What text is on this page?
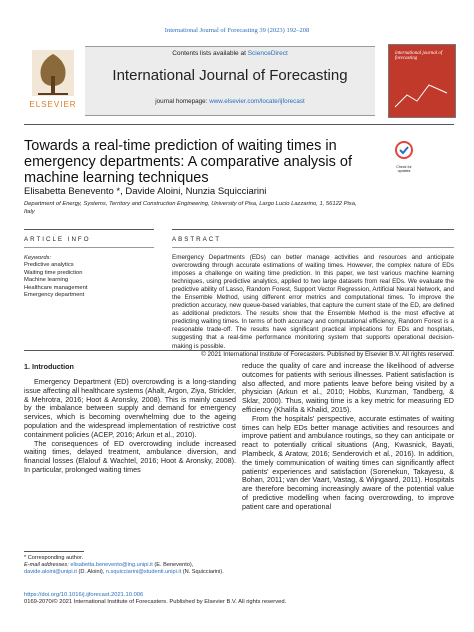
International Journal of Forecasting 39 (2023) 192–208
ELSEVIER
Contents lists available at ScienceDirect
International Journal of Forecasting
journal homepage: www.elsevier.com/locate/ijforecast
international journal of forecasting
Towards a real-time prediction of waiting times in emergency departments: A comparative analysis of machine learning techniques
Check for updates
Elisabetta Benevento *, Davide Aloini, Nunzia Squicciarini
Department of Energy, Systems, Territory and Construction Engineering, University of Pisa, Largo Lucio Lazzarino, 1, 56122 Pisa, Italy
ARTICLE INFO	ABSTRACT
Keywords:
Predictive analytics
Waiting time prediction
Machine learning
Healthcare management
Emergency department
Emergency Departments (EDs) can better manage activities and resources and anticipate overcrowding through accurate estimations of waiting times. However, the complex nature of EDs imposes a challenge on waiting time prediction. In this paper, we test various machine learning techniques, using predictive analytics, applied to two large datasets from real EDs. We evaluate the predictive ability of Lasso, Random Forest, Support Vector Regression, Artificial Neural Network, and the Ensemble Method, using different error metrics and computational times. To improve the prediction accuracy, new queue-based variables, that capture the current state of the ED, are defined as additional predictors. The results show that the Ensemble Method is the most effective at predicting waiting times. In terms of both accuracy and computational efficiency, Random Forest is a reasonable trade-off. The results have significant practical implications for EDs and hospitals, suggesting that a real-time performance monitoring system that supports operational decision-making is possible.
© 2021 International Institute of Forecasters. Published by Elsevier B.V. All rights reserved.
1. Introduction

Emergency Department (ED) overcrowding is a long-standing issue affecting all healthcare systems (Ahalt, Argon, Ziya, Strickler, & Mehrotra, 2016; Hoot & Aronsky, 2008). This is mainly caused by the imbalance between supply and demand for emergency services, which is becoming overwhelming due to the ageing population and the widespread implementation of restrictive cost containment policies (ACEP, 2016; Arkun et al., 2010).

The consequences of ED overcrowding include increased waiting times, delayed treatment, ambulance diversion, and financial losses (Elalouf & Wachtel, 2016; Hoot & Aronsky, 2008). In particular, prolonged waiting times

reduce the quality of care and increase the likelihood of adverse outcomes for patients with serious illnesses. Patient satisfaction is also affected, and more patients leave before being visited by a physician (Arkun et al., 2010; Hobbs, Kunzman, Tandberg, & Sklar, 2000). Thus, waiting time is a key metric for measuring ED efficiency (Khalifa & Khalid, 2015).

From the hospitals' perspective, accurate estimates of waiting times can help EDs better manage activities and resources and improve patient and ambulance routings, so they can anticipate or react to potentially critical situations (Ang, Kwasnick, Bayati, Plambeck, & Aratow, 2016; Senderovich et al., 2016). In addition, the timely communication of waiting times can significantly affect patients' experiences and satisfaction (Sorenekun, Takayesu, & Bohan, 2011; van der Vaart, Vastag, & Wijngaard, 2011). Hospitals are therefore becoming increasingly aware of the potential value of predictive modelling when facing overcrowding, to improve patient care and operational

* Corresponding author.
E-mail addresses: elisabetta.benevento@ing.unipi.it (E. Benevento), davide.aloini@unipi.it (D. Aloini), n.squicciarini@studenti.unipi.it (N. Squicciarini).
https://doi.org/10.1016/j.ijforecast.2021.10.006
0169-2070/© 2021 International Institute of Forecasters. Published by Elsevier B.V. All rights reserved.
